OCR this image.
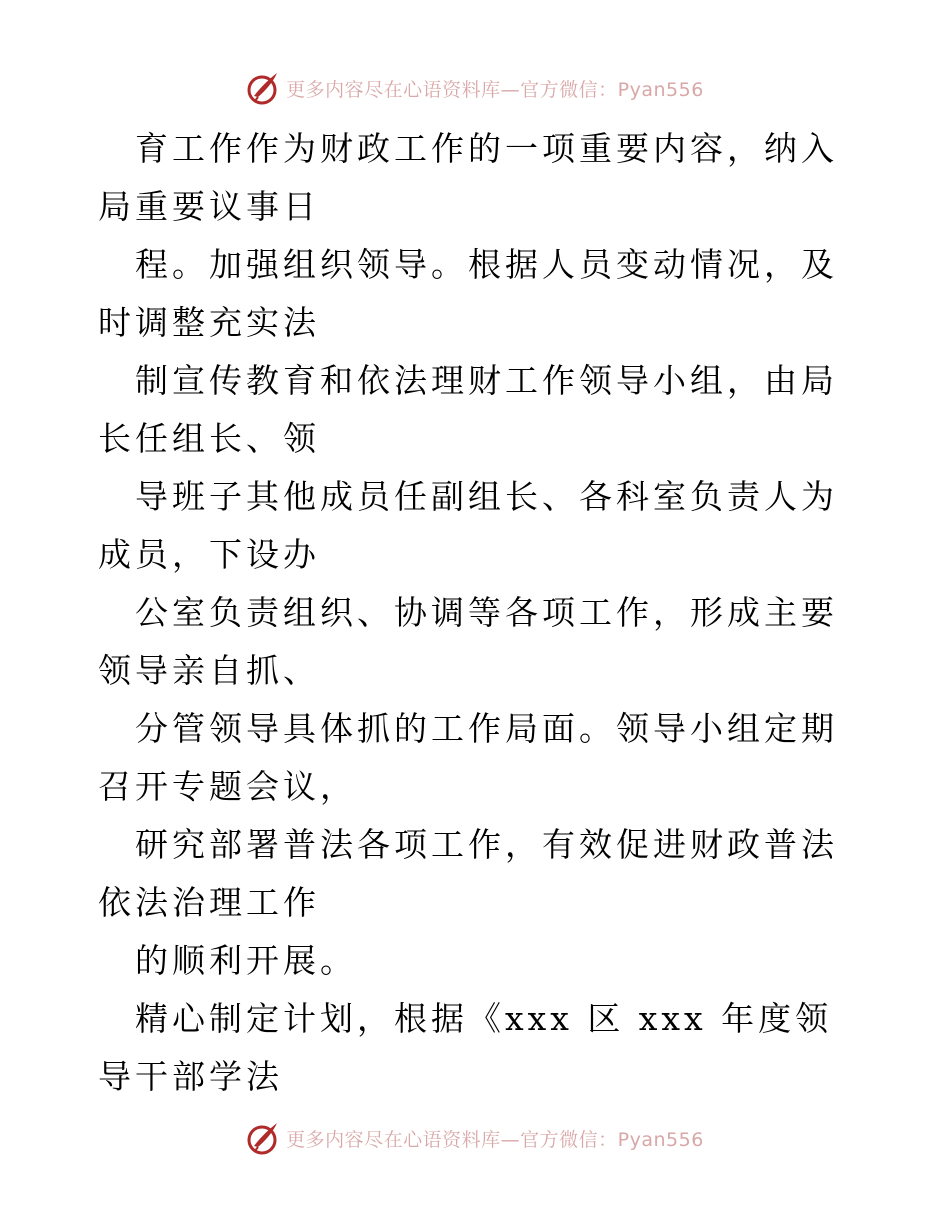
更多内容尽在心语资料库—官方微信：Pyan556

育工作作为财政工作的一项重要内容，纳入局重要议事日

程。加强组织领导。根据人员变动情况，及时调整充实法

制宣传教育和依法理财工作领导小组，由局长任组长、领

导班子其他成员任副组长、各科室负责人为成员，下设办

公室负责组织、协调等各项工作，形成主要领导亲自抓、

分管领导具体抓的工作局面。领导小组定期召开专题会议，

研究部署普法各项工作，有效促进财政普法依法治理工作

的顺利开展。

精心制定计划，根据《xxx 区 xxx 年度领导干部学法

更多内容尽在心语资料库—官方微信：Pyan556
